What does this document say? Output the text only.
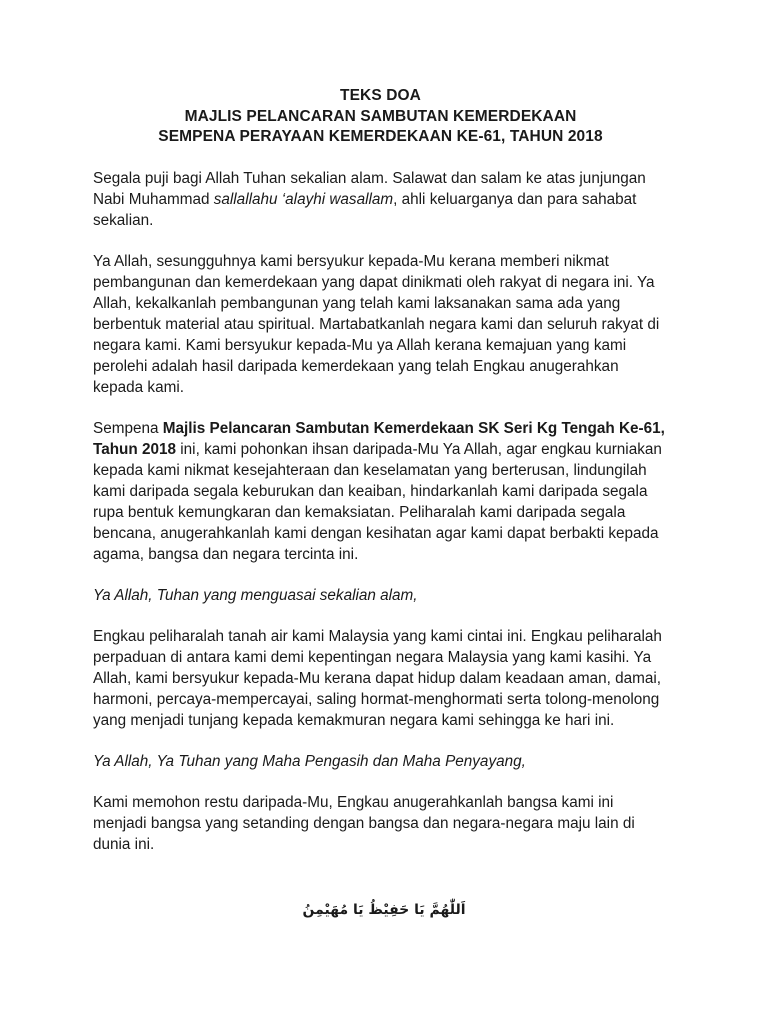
TEKS DOA
MAJLIS PELANCARAN SAMBUTAN KEMERDEKAAN
SEMPENA PERAYAAN KEMERDEKAAN KE-61, TAHUN 2018

Segala puji bagi Allah Tuhan sekalian alam. Salawat dan salam ke atas junjungan Nabi Muhammad sallallahu ‘alayhi wasallam, ahli keluarganya dan para sahabat sekalian.

Ya Allah, sesungguhnya kami bersyukur kepada-Mu kerana memberi nikmat pembangunan dan kemerdekaan yang dapat dinikmati oleh rakyat di negara ini. Ya Allah, kekalkanlah pembangunan yang telah kami laksanakan sama ada yang berbentuk material atau spiritual. Martabatkanlah negara kami dan seluruh rakyat di negara kami. Kami bersyukur kepada-Mu ya Allah kerana kemajuan yang kami perolehi adalah hasil daripada kemerdekaan yang telah Engkau anugerahkan kepada kami.

Sempena Majlis Pelancaran Sambutan Kemerdekaan SK Seri Kg Tengah Ke-61, Tahun 2018 ini, kami pohonkan ihsan daripada-Mu Ya Allah, agar engkau kurniakan kepada kami nikmat kesejahteraan dan keselamatan yang berterusan, lindungilah kami daripada segala keburukan dan keaiban, hindarkanlah kami daripada segala rupa bentuk kemungkaran dan kemaksiatan. Peliharalah kami daripada segala bencana, anugerahkanlah kami dengan kesihatan agar kami dapat berbakti kepada agama, bangsa dan negara tercinta ini.

Ya Allah, Tuhan yang menguasai sekalian alam,

Engkau peliharalah tanah air kami Malaysia yang kami cintai ini. Engkau peliharalah perpaduan di antara kami demi kepentingan negara Malaysia yang kami kasihi. Ya Allah, kami bersyukur kepada-Mu kerana dapat hidup dalam keadaan aman, damai, harmoni, percaya-mempercayai, saling hormat-menghormati serta tolong-menolong yang menjadi tunjang kepada kemakmuran negara kami sehingga ke hari ini.

Ya Allah, Ya Tuhan yang Maha Pengasih dan Maha Penyayang,

Kami memohon restu daripada-Mu, Engkau anugerahkanlah bangsa kami ini menjadi bangsa yang setanding dengan bangsa dan negara-negara maju lain di dunia ini.

اَللّٰهُمَّ يَا حَفِيْظُ يَا مُهَيْمِنُ
